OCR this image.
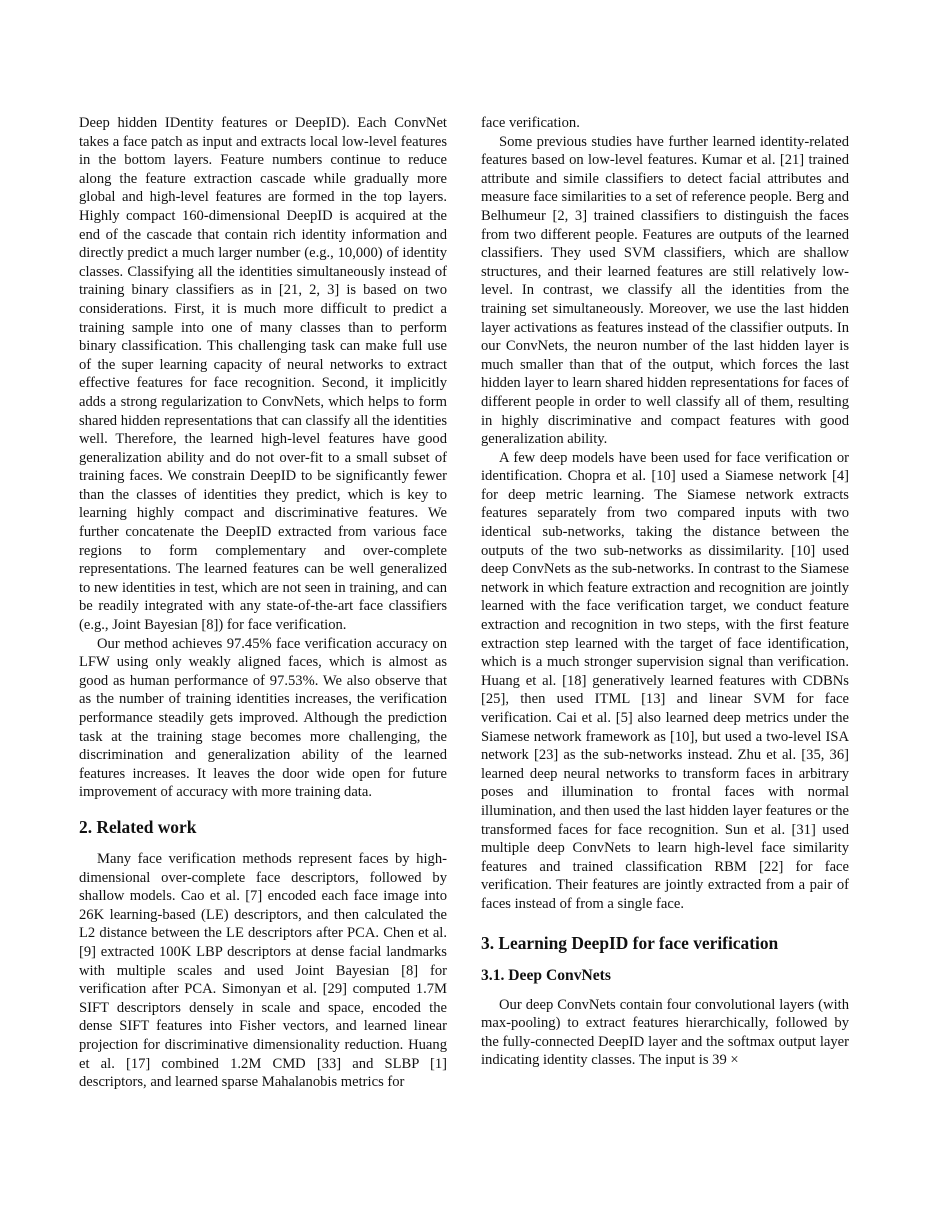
Deep hidden IDentity features or DeepID). Each ConvNet takes a face patch as input and extracts local low-level features in the bottom layers. Feature numbers continue to reduce along the feature extraction cascade while gradually more global and high-level features are formed in the top layers. Highly compact 160-dimensional DeepID is acquired at the end of the cascade that contain rich identity information and directly predict a much larger number (e.g., 10,000) of identity classes. Classifying all the identities simultaneously instead of training binary classifiers as in [21, 2, 3] is based on two considerations. First, it is much more difficult to predict a training sample into one of many classes than to perform binary classification. This challenging task can make full use of the super learning capacity of neural networks to extract effective features for face recognition. Second, it implicitly adds a strong regularization to ConvNets, which helps to form shared hidden representations that can classify all the identities well. Therefore, the learned high-level features have good generalization ability and do not over-fit to a small subset of training faces. We constrain DeepID to be significantly fewer than the classes of identities they predict, which is key to learning highly compact and discriminative features. We further concatenate the DeepID extracted from various face regions to form complementary and over-complete representations. The learned features can be well generalized to new identities in test, which are not seen in training, and can be readily integrated with any state-of-the-art face classifiers (e.g., Joint Bayesian [8]) for face verification.

Our method achieves 97.45% face verification accuracy on LFW using only weakly aligned faces, which is almost as good as human performance of 97.53%. We also observe that as the number of training identities increases, the verification performance steadily gets improved. Although the prediction task at the training stage becomes more challenging, the discrimination and generalization ability of the learned features increases. It leaves the door wide open for future improvement of accuracy with more training data.

2. Related work

Many face verification methods represent faces by high-dimensional over-complete face descriptors, followed by shallow models. Cao et al. [7] encoded each face image into 26K learning-based (LE) descriptors, and then calculated the L2 distance between the LE descriptors after PCA. Chen et al. [9] extracted 100K LBP descriptors at dense facial landmarks with multiple scales and used Joint Bayesian [8] for verification after PCA. Simonyan et al. [29] computed 1.7M SIFT descriptors densely in scale and space, encoded the dense SIFT features into Fisher vectors, and learned linear projection for discriminative dimensionality reduction. Huang et al. [17] combined 1.2M CMD [33] and SLBP [1] descriptors, and learned sparse Mahalanobis metrics for

face verification.

Some previous studies have further learned identity-related features based on low-level features. Kumar et al. [21] trained attribute and simile classifiers to detect facial attributes and measure face similarities to a set of reference people. Berg and Belhumeur [2, 3] trained classifiers to distinguish the faces from two different people. Features are outputs of the learned classifiers. They used SVM classifiers, which are shallow structures, and their learned features are still relatively low-level. In contrast, we classify all the identities from the training set simultaneously. Moreover, we use the last hidden layer activations as features instead of the classifier outputs. In our ConvNets, the neuron number of the last hidden layer is much smaller than that of the output, which forces the last hidden layer to learn shared hidden representations for faces of different people in order to well classify all of them, resulting in highly discriminative and compact features with good generalization ability.

A few deep models have been used for face verification or identification. Chopra et al. [10] used a Siamese network [4] for deep metric learning. The Siamese network extracts features separately from two compared inputs with two identical sub-networks, taking the distance between the outputs of the two sub-networks as dissimilarity. [10] used deep ConvNets as the sub-networks. In contrast to the Siamese network in which feature extraction and recognition are jointly learned with the face verification target, we conduct feature extraction and recognition in two steps, with the first feature extraction step learned with the target of face identification, which is a much stronger supervision signal than verification. Huang et al. [18] generatively learned features with CDBNs [25], then used ITML [13] and linear SVM for face verification. Cai et al. [5] also learned deep metrics under the Siamese network framework as [10], but used a two-level ISA network [23] as the sub-networks instead. Zhu et al. [35, 36] learned deep neural networks to transform faces in arbitrary poses and illumination to frontal faces with normal illumination, and then used the last hidden layer features or the transformed faces for face recognition. Sun et al. [31] used multiple deep ConvNets to learn high-level face similarity features and trained classification RBM [22] for face verification. Their features are jointly extracted from a pair of faces instead of from a single face.

3. Learning DeepID for face verification
3.1. Deep ConvNets

Our deep ConvNets contain four convolutional layers (with max-pooling) to extract features hierarchically, followed by the fully-connected DeepID layer and the softmax output layer indicating identity classes. The input is 39 ×
